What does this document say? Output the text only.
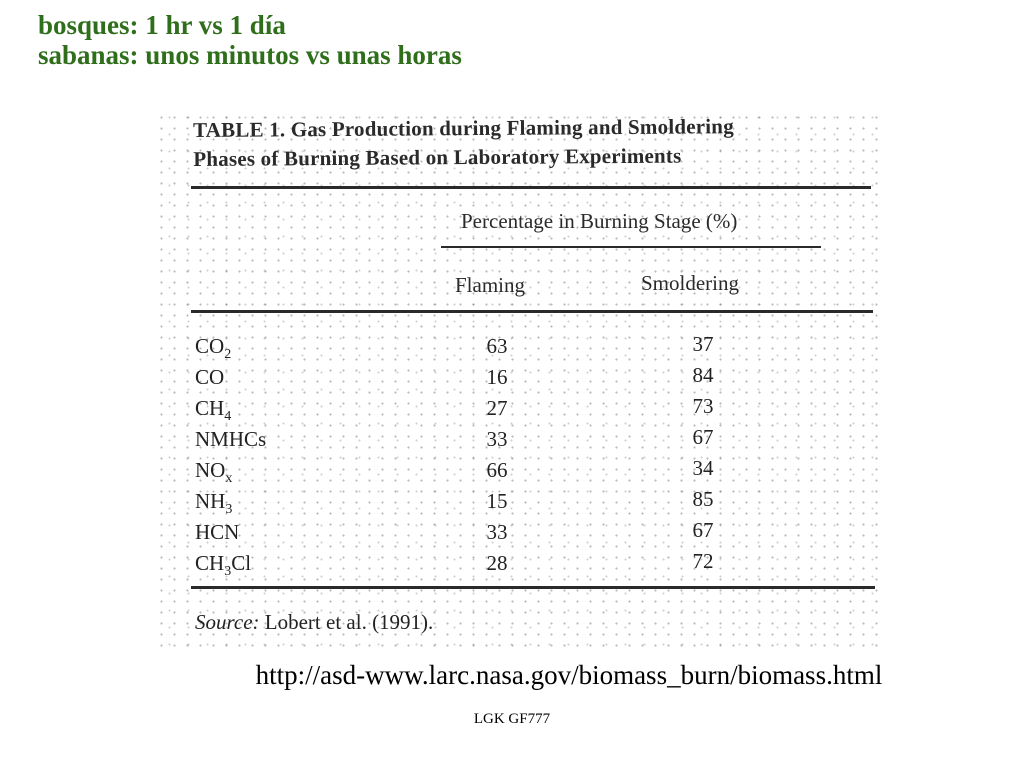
bosques: 1 hr vs 1 día
sabanas: unos minutos vs unas horas
TABLE 1. Gas Production during Flaming and Smoldering
Phases of Burning Based on Laboratory Experiments
Percentage in Burning Stage (%)
Flaming	Smoldering
$CO_2$	63	37
CO	16	84
$CH_4$	27	73
NMHCs	33	67
$NO_x$	66	34
$NH_3$	15	85
HCN	33	67
$CH_3Cl$	28	72
Source: Lobert et al. (1991).
http://asd-www.larc.nasa.gov/biomass_burn/biomass.html
LGK GF777
